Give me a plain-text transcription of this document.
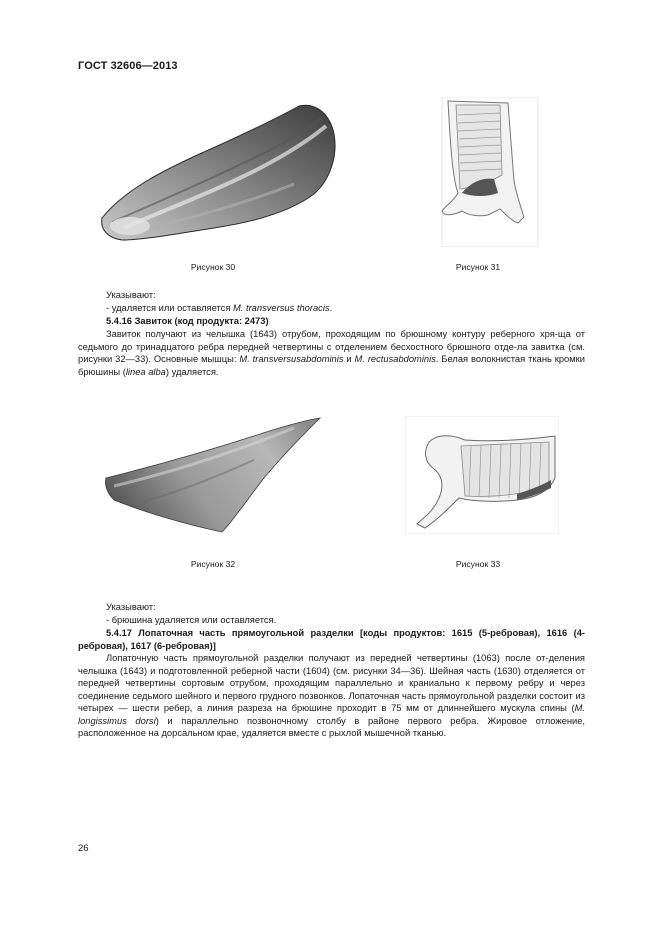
ГОСТ 32606—2013
Рисунок 30	Рисунок 31
Указывают:
- удаляется или оставляется M. transversus thoracis.
5.4.16 Завиток (код продукта: 2473)

Завиток получают из челышка (1643) отрубом, проходящим по брюшному контуру реберного хря-ща от седьмого до тринадцатого ребра передней четвертины с отделением бесхостного брюшного отде-ла завитка (см. рисунки 32—33). Основные мышцы: M. transversusabdominis и M. rectusabdominis. Белая волокнистая ткань кромки брюшины (linea alba) удаляется.

Рисунок 32	Рисунок 33
Указывают:
- брюшина удаляется или оставляется.

5.4.17 Лопаточная часть прямоугольной разделки [коды продуктов: 1615 (5-ребровая), 1616 (4-ребровая), 1617 (6-ребровая)]

Лопаточную часть прямоугольной разделки получают из передней четвертины (1063) после от-деления челышка (1643) и подготовленной реберной части (1604) (см. рисунки 34—36). Шейная часть (1630) отделяется от передней четвертины сортовым отрубом, проходящим параллельно и краниально к первому ребру и через соединение седьмого шейного и первого грудного позвонков. Лопаточная часть прямоугольной разделки состоит из четырех — шести ребер, а линия разреза на брюшине проходит в 75 мм от длиннейшего мускула спины (M. longissimus dorsi) и параллельно позвоночному столбу в районе первого ребра. Жировое отложение, расположенное на дорсальном крае, удаляется вместе с рыхлой мышечной тканью.

26
